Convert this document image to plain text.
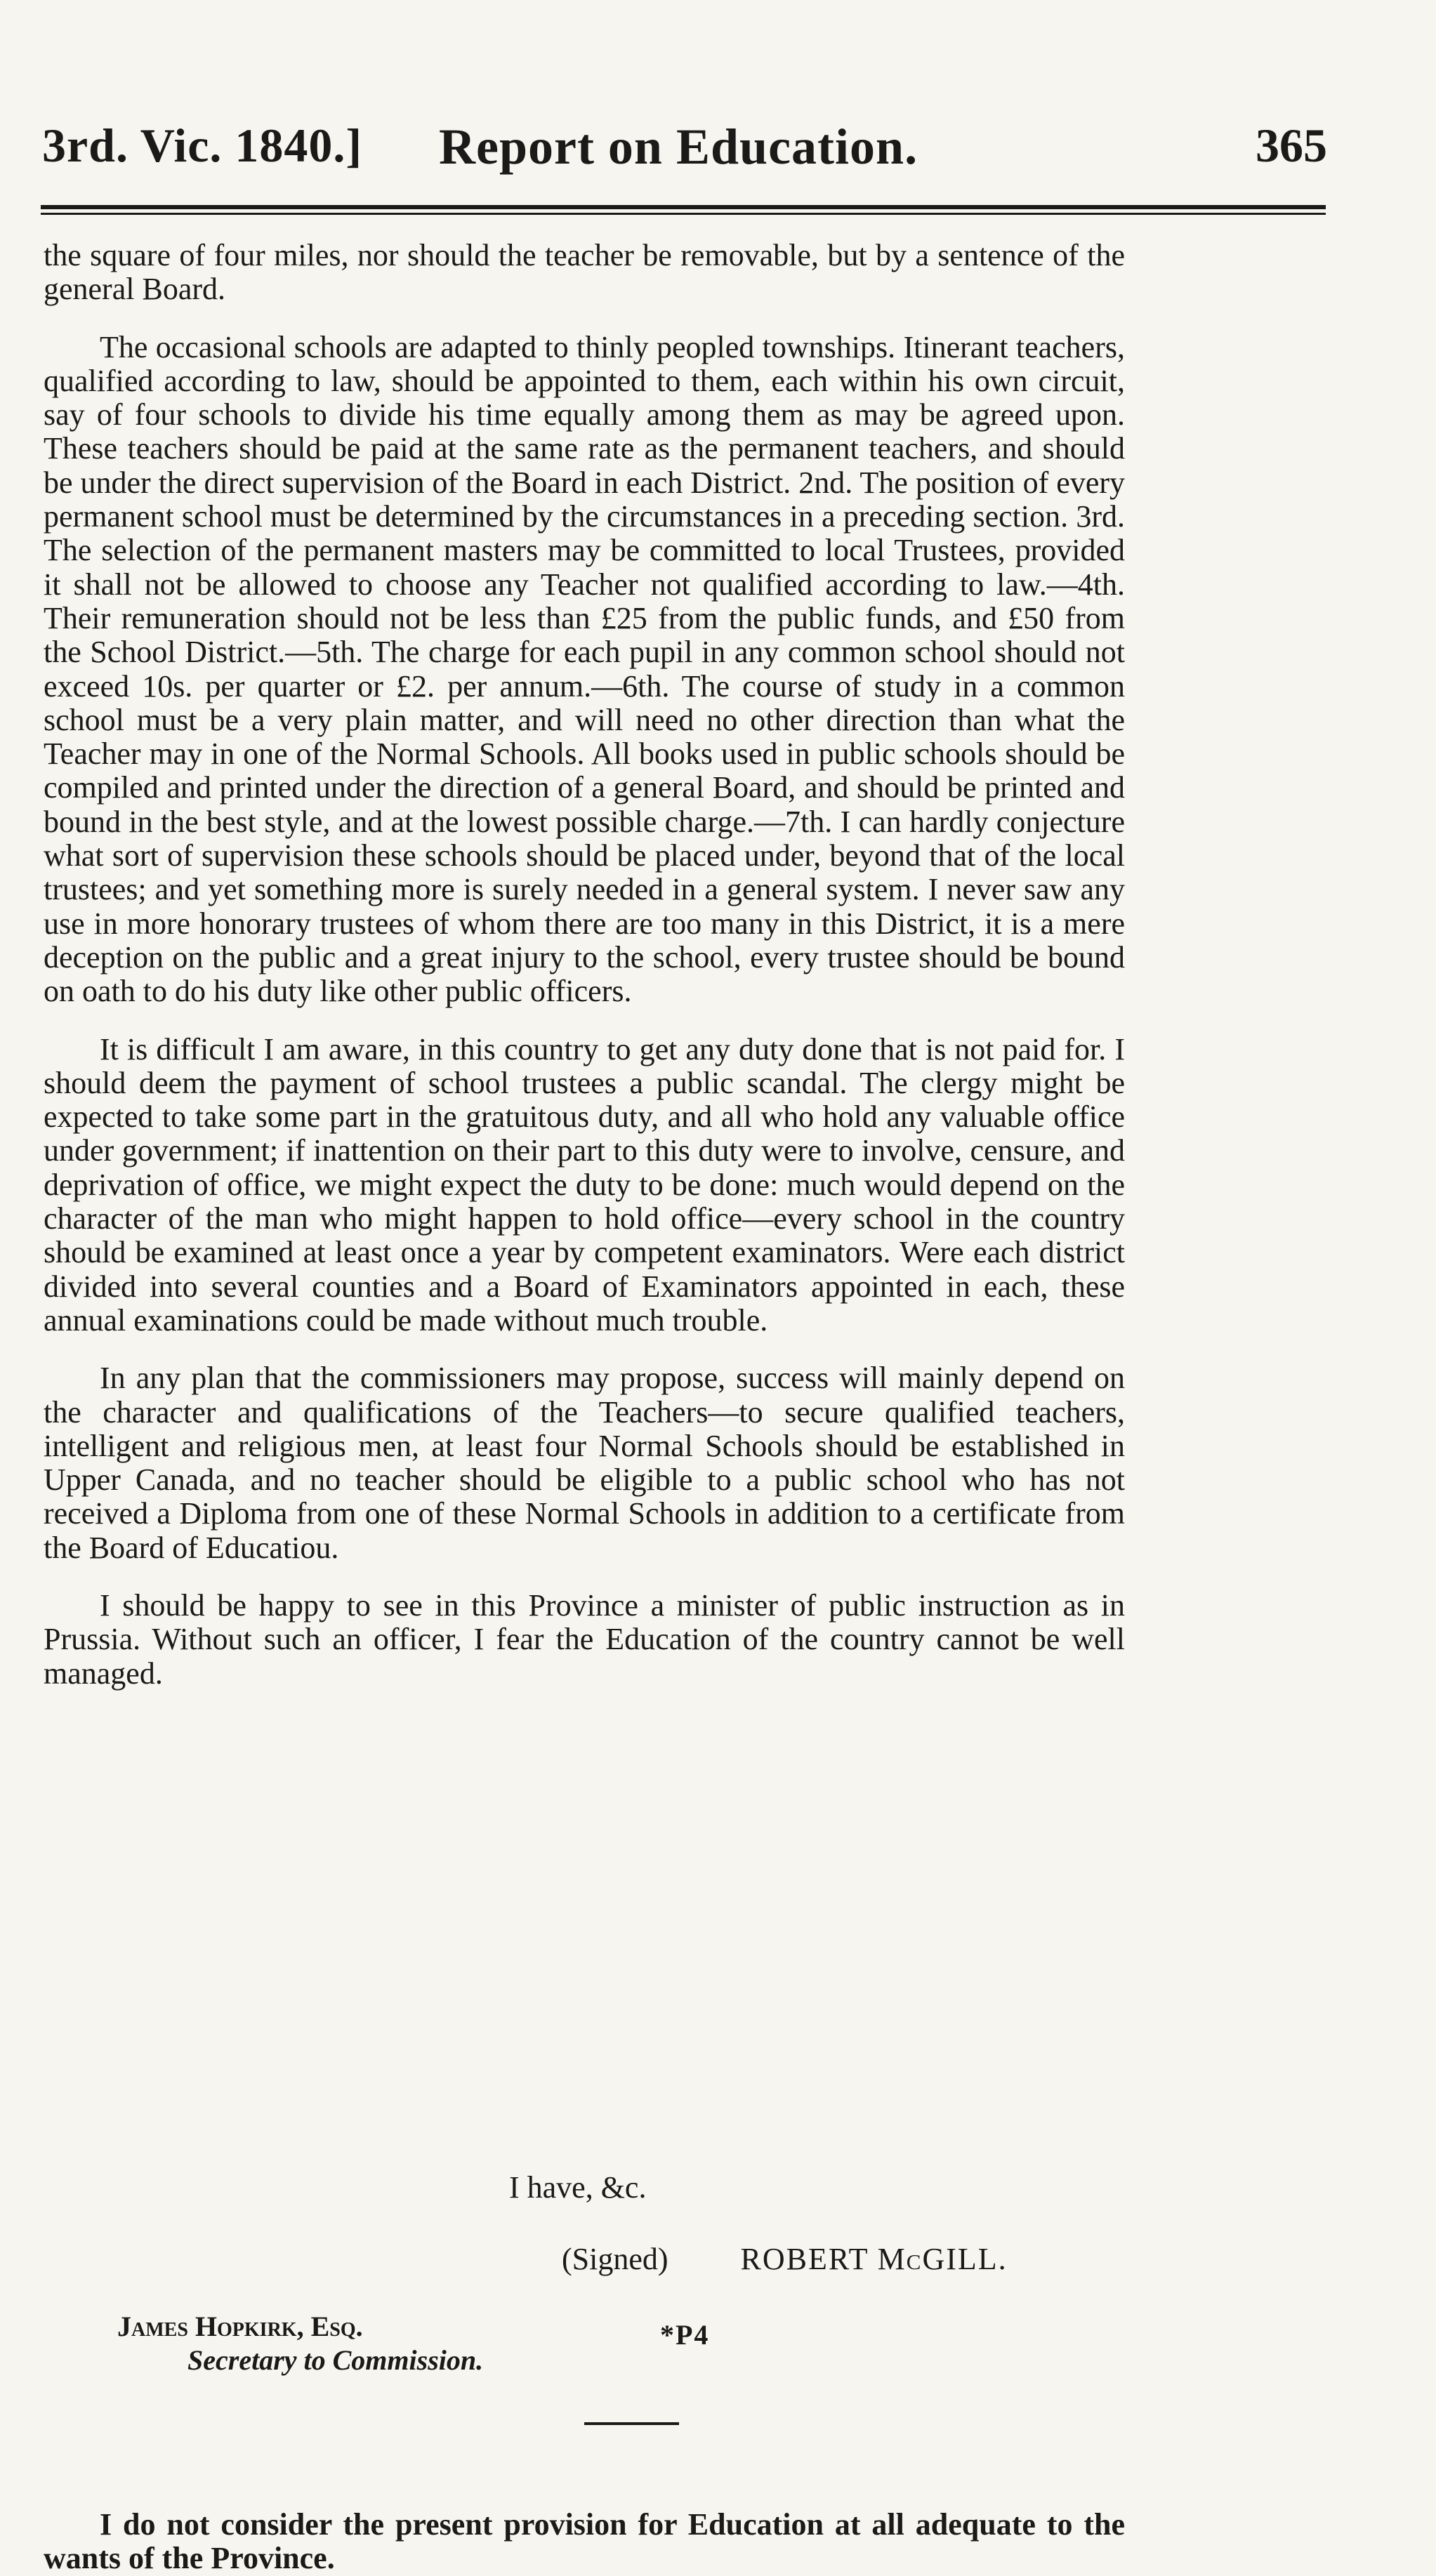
3rd. Vic. 1840.] Report on Education.	365

the square of four miles, nor should the teacher be removable, but by a sentence of the general Board.

The occasional schools are adapted to thinly peopled townships. Itinerant teachers, qualified according to law, should be appointed to them, each within his own circuit, say of four schools to divide his time equally among them as may be agreed upon. These teachers should be paid at the same rate as the permanent teachers, and should be under the direct supervision of the Board in each District. 2nd. The position of every permanent school must be determined by the circumstances in a preceding section. 3rd. The selection of the permanent masters may be committed to local Trustees, provided it shall not be allowed to choose any Teacher not qualified according to law.—4th. Their remuneration should not be less than £25 from the public funds, and £50 from the School District.—5th. The charge for each pupil in any common school should not exceed 10s. per quarter or £2. per annum.—6th. The course of study in a common school must be a very plain matter, and will need no other direction than what the Teacher may in one of the Normal Schools. All books used in public schools should be compiled and printed under the direction of a general Board, and should be printed and bound in the best style, and at the lowest possible charge.—7th. I can hardly conjecture what sort of supervision these schools should be placed under, beyond that of the local trustees; and yet something more is surely needed in a general system. I never saw any use in more honorary trustees of whom there are too many in this District, it is a mere deception on the public and a great injury to the school, every trustee should be bound on oath to do his duty like other public officers.

It is difficult I am aware, in this country to get any duty done that is not paid for. I should deem the payment of school trustees a public scandal. The clergy might be expected to take some part in the gratuitous duty, and all who hold any valuable office under government; if inattention on their part to this duty were to involve, censure, and deprivation of office, we might expect the duty to be done: much would depend on the character of the man who might happen to hold office—every school in the country should be examined at least once a year by competent examinators. Were each district divided into several counties and a Board of Examinators appointed in each, these annual examinations could be made without much trouble.

In any plan that the commissioners may propose, success will mainly depend on the character and qualifications of the Teachers—to secure qualified teachers, intelligent and religious men, at least four Normal Schools should be established in Upper Canada, and no teacher should be eligible to a public school who has not received a Diploma from one of these Normal Schools in addition to a certificate from the Board of Educatiou.

I should be happy to see in this Province a minister of public instruction as in Prussia. Without such an officer, I fear the Education of the country cannot be well managed.

I have, &c.
(Signed) ROBERT McGILL.
James Hopkirk, Esq.
Secretary to Commission.

I do not consider the present provision for Education at all adequate to the wants of the Province.

*P4
